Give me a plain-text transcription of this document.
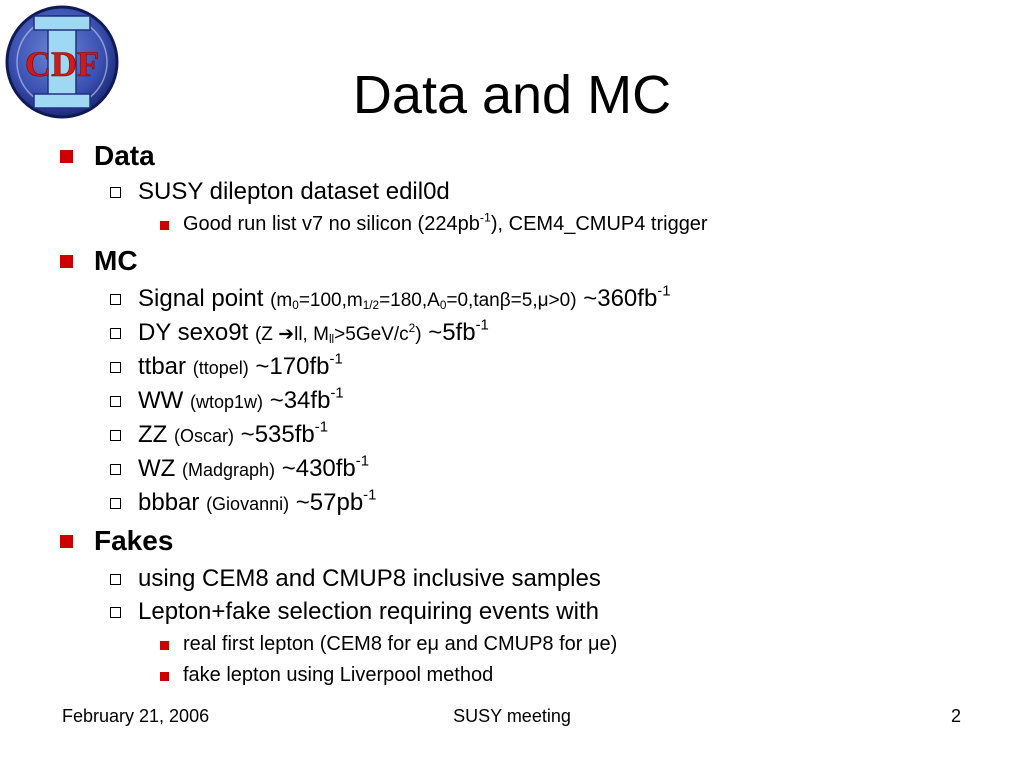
CDF
Data and MC
Data
SUSY dilepton dataset edil0d
Good run list v7 no silicon $(224pb^{-1})$, CEM4_CMUP4 trigger
MC
Signal point $(m_0=100,m_{1/2}=180,A_0=0,\tan\beta=5,\mu>0)$ $\sim 360fb^{-1}$
DY sexo9t (Z ➔ll, $M_{ll}>5GeV/c^2$) $\sim 5fb^{-1}$
ttbar (ttopel) $\sim 170fb^{-1}$
WW (wtop1w) $\sim 34fb^{-1}$
ZZ (Oscar) $\sim 535fb^{-1}$
WZ (Madgraph) $\sim 430fb^{-1}$
bbbar (Giovanni) $\sim 57pb^{-1}$
Fakes
using CEM8 and CMUP8 inclusive samples
Lepton+fake selection requiring events with
real first lepton (CEM8 for eμ and CMUP8 for μe)
fake lepton using Liverpool method
February 21, 2006	SUSY meeting	2
